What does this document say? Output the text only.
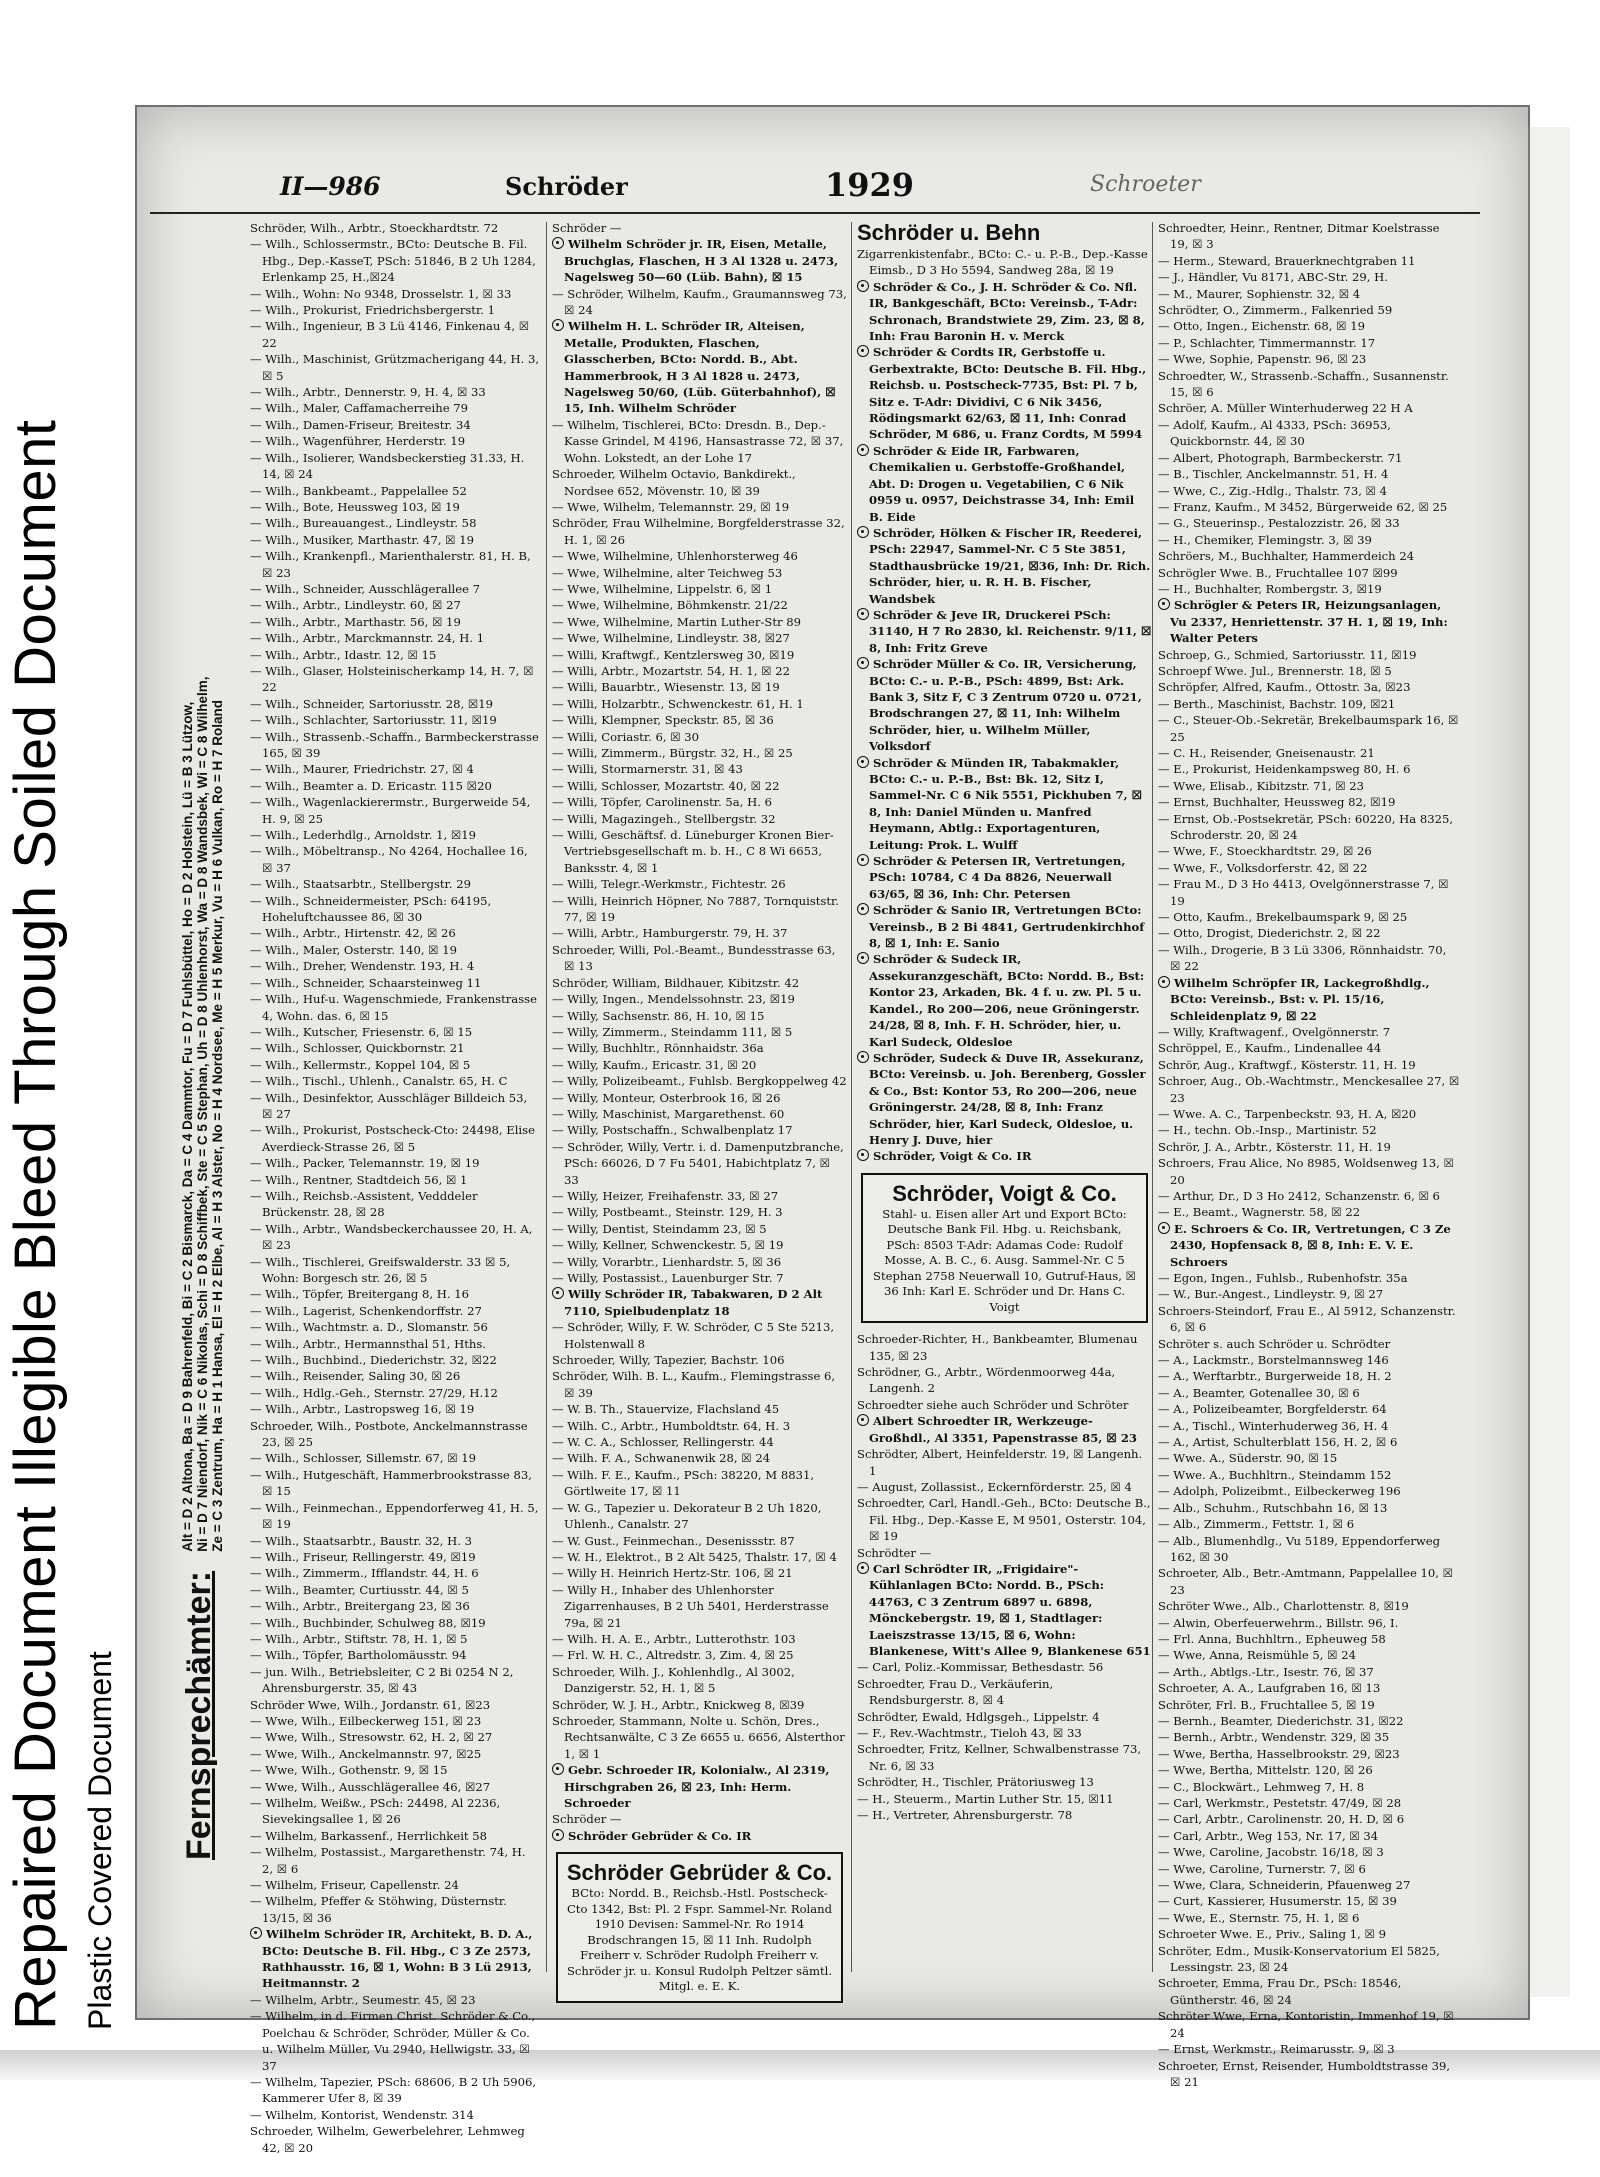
Repaired Document Illegible Bleed Through Soiled Document Plastic Covered Document
II—986	Schröder	1929	Schroeter
Fernsprechämter: Alt = D 2 Altona, Ba = D 9 Bahrenfeld, Bi = C 2 Bismarck, Da = C 4 Dammtor, Fu = D 7 Fuhlsbüttel, Ho = D 2 Holstein, Lü = B 3 Lützow,
Ni = D 7 Niendorf, Nik = C 6 Nikolas, Schi = D 8 Schiffbek, Ste = C 5 Stephan, Uh = D 8 Uhlenhorst, Wa = D 8 Wandsbek, Wi = C 8 Wilhelm,
Ze = C 3 Zentrum, Ha = H 1 Hansa, El = H 2 Elbe, Al = H 3 Alster, No = H 4 Nordsee, Me = H 5 Merkur, Vu = H 6 Vulkan, Ro = H 7 Roland
Schröder, Wilh., Arbtr., Stoeckhardtstr. 72
— Wilh., Schlossermstr., BCto: Deutsche B. Fil. Hbg., Dep.-KasseT, PSch: 51846, B 2 Uh 1284, Erlenkamp 25, H.,☒24
— Wilh., Wohn: No 9348, Drosselstr. 1, ☒ 33
— Wilh., Prokurist, Friedrichsbergerstr. 1
— Wilh., Ingenieur, B 3 Lü 4146, Finkenau 4, ☒ 22
— Wilh., Maschinist, Grützmacherigang 44, H. 3, ☒ 5
— Wilh., Arbtr., Dennerstr. 9, H. 4, ☒ 33
— Wilh., Maler, Caffamacherreihe 79
— Wilh., Damen-Friseur, Breitestr. 34
— Wilh., Wagenführer, Herderstr. 19
— Wilh., Isolierer, Wandsbeckerstieg 31.33, H. 14, ☒ 24
— Wilh., Bankbeamt., Pappelallee 52
— Wilh., Bote, Heussweg 103, ☒ 19
— Wilh., Bureauangest., Lindleystr. 58
— Wilh., Musiker, Marthastr. 47, ☒ 19
— Wilh., Krankenpfl., Marienthalerstr. 81, H. B, ☒ 23
— Wilh., Schneider, Ausschlägerallee 7
— Wilh., Arbtr., Lindleystr. 60, ☒ 27
— Wilh., Arbtr., Marthastr. 56, ☒ 19
— Wilh., Arbtr., Marckmannstr. 24, H. 1
— Wilh., Arbtr., Idastr. 12, ☒ 15
— Wilh., Glaser, Holsteinischerkamp 14, H. 7, ☒ 22
— Wilh., Schneider, Sartoriusstr. 28, ☒19
— Wilh., Schlachter, Sartoriusstr. 11, ☒19
— Wilh., Strassenb.-Schaffn., Barmbeckerstrasse 165, ☒ 39
— Wilh., Maurer, Friedrichstr. 27, ☒ 4
— Wilh., Beamter a. D. Ericastr. 115 ☒20
— Wilh., Wagenlackierermstr., Burgerweide 54, H. 9, ☒ 25
— Wilh., Lederhdlg., Arnoldstr. 1, ☒19
— Wilh., Möbeltransp., No 4264, Hochallee 16, ☒ 37
— Wilh., Staatsarbtr., Stellbergstr. 29
— Wilh., Schneidermeister, PSch: 64195, Hoheluftchaussee 86, ☒ 30
— Wilh., Arbtr., Hirtenstr. 42, ☒ 26
— Wilh., Maler, Osterstr. 140, ☒ 19
— Wilh., Dreher, Wendenstr. 193, H. 4
— Wilh., Schneider, Schaarsteinweg 11
— Wilh., Huf-u. Wagenschmiede, Frankenstrasse 4, Wohn. das. 6, ☒ 15
— Wilh., Kutscher, Friesenstr. 6, ☒ 15
— Wilh., Schlosser, Quickbornstr. 21
— Wilh., Kellermstr., Koppel 104, ☒ 5
— Wilh., Tischl., Uhlenh., Canalstr. 65, H. C
— Wilh., Desinfektor, Ausschläger Billdeich 53, ☒ 27
— Wilh., Prokurist, Postscheck-Cto: 24498, Elise Averdieck-Strasse 26, ☒ 5
— Wilh., Packer, Telemannstr. 19, ☒ 19
— Wilh., Rentner, Stadtdeich 56, ☒ 1
— Wilh., Reichsb.-Assistent, Vedddeler Brückenstr. 28, ☒ 28
— Wilh., Arbtr., Wandsbeckerchaussee 20, H. A, ☒ 23
— Wilh., Tischlerei, Greifswalderstr. 33 ☒ 5, Wohn: Borgesch str. 26, ☒ 5
— Wilh., Töpfer, Breitergang 8, H. 16
— Wilh., Lagerist, Schenkendorffstr. 27
— Wilh., Wachtmstr. a. D., Slomanstr. 56
— Wilh., Arbtr., Hermannsthal 51, Hths.
— Wilh., Buchbind., Diederichstr. 32, ☒22
— Wilh., Reisender, Saling 30, ☒ 26
— Wilh., Hdlg.-Geh., Sternstr. 27/29, H.12
— Wilh., Arbtr., Lastropsweg 16, ☒ 19
Schroeder, Wilh., Postbote, Anckelmannstrasse 23, ☒ 25
— Wilh., Schlosser, Sillemstr. 67, ☒ 19
— Wilh., Hutgeschäft, Hammerbrookstrasse 83, ☒ 15
— Wilh., Feinmechan., Eppendorferweg 41, H. 5, ☒ 19
— Wilh., Staatsarbtr., Baustr. 32, H. 3
— Wilh., Friseur, Rellingerstr. 49, ☒19
— Wilh., Zimmerm., Ifflandstr. 44, H. 6
— Wilh., Beamter, Curtiusstr. 44, ☒ 5
— Wilh., Arbtr., Breitergang 23, ☒ 36
— Wilh., Buchbinder, Schulweg 88, ☒19
— Wilh., Arbtr., Stiftstr. 78, H. 1, ☒ 5
— Wilh., Töpfer, Bartholomäusstr. 94
— jun. Wilh., Betriebsleiter, C 2 Bi 0254 N 2, Ahrensburgerstr. 35, ☒ 43
Schröder Wwe, Wilh., Jordanstr. 61, ☒23
— Wwe, Wilh., Eilbeckerweg 151, ☒ 23
— Wwe, Wilh., Stresowstr. 62, H. 2, ☒ 27
— Wwe, Wilh., Anckelmannstr. 97, ☒25
— Wwe, Wilh., Gothenstr. 9, ☒ 15
— Wwe, Wilh., Ausschlägerallee 46, ☒27
— Wilhelm, Weißw., PSch: 24498, Al 2236, Sievekingsallee 1, ☒ 26
— Wilhelm, Barkassenf., Herrlichkeit 58
— Wilhelm, Postassist., Margarethenstr. 74, H. 2, ☒ 6
— Wilhelm, Friseur, Capellenstr. 24
— Wilhelm, Pfeffer & Stöhwing, Düsternstr. 13/15, ☒ 36
Wilhelm Schröder IR, Architekt, B. D. A., BCto: Deutsche B. Fil. Hbg., C 3 Ze 2573, Rathhausstr. 16, ☒ 1, Wohn: B 3 Lü 2913, Heitmannstr. 2
— Wilhelm, Arbtr., Seumestr. 45, ☒ 23
— Wilhelm, in d. Firmen Christ. Schröder & Co., Poelchau & Schröder, Schröder, Müller & Co. u. Wilhelm Müller, Vu 2940, Hellwigstr. 33, ☒ 37
— Wilhelm, Tapezier, PSch: 68606, B 2 Uh 5906, Kammerer Ufer 8, ☒ 39
— Wilhelm, Kontorist, Wendenstr. 314
Schroeder, Wilhelm, Gewerbelehrer, Lehmweg 42, ☒ 20
Schröder —
Wilhelm Schröder jr. IR, Eisen, Metalle, Bruchglas, Flaschen, H 3 Al 1328 u. 2473, Nagelsweg 50—60 (Lüb. Bahn), ☒ 15
— Schröder, Wilhelm, Kaufm., Graumannsweg 73, ☒ 24
Wilhelm H. L. Schröder IR, Alteisen, Metalle, Produkten, Flaschen, Glasscherben, BCto: Nordd. B., Abt. Hammerbrook, H 3 Al 1828 u. 2473, Nagelsweg 50/60, (Lüb. Güterbahnhof), ☒ 15, Inh. Wilhelm Schröder
— Wilhelm, Tischlerei, BCto: Dresdn. B., Dep.-Kasse Grindel, M 4196, Hansastrasse 72, ☒ 37, Wohn. Lokstedt, an der Lohe 17
Schroeder, Wilhelm Octavio, Bankdirekt., Nordsee 652, Mövenstr. 10, ☒ 39
— Wwe, Wilhelm, Telemannstr. 29, ☒ 19
Schröder, Frau Wilhelmine, Borgfelderstrasse 32, H. 1, ☒ 26
— Wwe, Wilhelmine, Uhlenhorsterweg 46
— Wwe, Wilhelmine, alter Teichweg 53
— Wwe, Wilhelmine, Lippelstr. 6, ☒ 1
— Wwe, Wilhelmine, Böhmkenstr. 21/22
— Wwe, Wilhelmine, Martin Luther-Str 89
— Wwe, Wilhelmine, Lindleystr. 38, ☒27
— Willi, Kraftwgf., Kentzlersweg 30, ☒19
— Willi, Arbtr., Mozartstr. 54, H. 1, ☒ 22
— Willi, Bauarbtr., Wiesenstr. 13, ☒ 19
— Willi, Holzarbtr., Schwenckestr. 61, H. 1
— Willi, Klempner, Speckstr. 85, ☒ 36
— Willi, Coriastr. 6, ☒ 30
— Willi, Zimmerm., Bürgstr. 32, H., ☒ 25
— Willi, Stormarnerstr. 31, ☒ 43
— Willi, Schlosser, Mozartstr. 40, ☒ 22
— Willi, Töpfer, Carolinenstr. 5a, H. 6
— Willi, Magazingeh., Stellbergstr. 32
— Willi, Geschäftsf. d. Lüneburger Kronen Bier-Vertriebsgesellschaft m. b. H., C 8 Wi 6653, Banksstr. 4, ☒ 1
— Willi, Telegr.-Werkmstr., Fichtestr. 26
— Willi, Heinrich Höpner, No 7887, Tornquiststr. 77, ☒ 19
— Willi, Arbtr., Hamburgerstr. 79, H. 37
Schroeder, Willi, Pol.-Beamt., Bundesstrasse 63, ☒ 13
Schröder, William, Bildhauer, Kibitzstr. 42
— Willy, Ingen., Mendelssohnstr. 23, ☒19
— Willy, Sachsenstr. 86, H. 10, ☒ 15
— Willy, Zimmerm., Steindamm 111, ☒ 5
— Willy, Buchhltr., Rönnhaidstr. 36a
— Willy, Kaufm., Ericastr. 31, ☒ 20
— Willy, Polizeibeamt., Fuhlsb. Bergkoppelweg 42
— Willy, Monteur, Osterbrook 16, ☒ 26
— Willy, Maschinist, Margarethenst. 60
— Willy, Postschaffn., Schwalbenplatz 17
— Schröder, Willy, Vertr. i. d. Damenputzbranche, PSch: 66026, D 7 Fu 5401, Habichtplatz 7, ☒ 33
— Willy, Heizer, Freihafenstr. 33, ☒ 27
— Willy, Postbeamt., Steinstr. 129, H. 3
— Willy, Dentist, Steindamm 23, ☒ 5
— Willy, Kellner, Schwenckestr. 5, ☒ 19
— Willy, Vorarbtr., Lienhardstr. 5, ☒ 36
— Willy, Postassist., Lauenburger Str. 7
Willy Schröder IR, Tabakwaren, D 2 Alt 7110, Spielbudenplatz 18
— Schröder, Willy, F. W. Schröder, C 5 Ste 5213, Holstenwall 8
Schroeder, Willy, Tapezier, Bachstr. 106
Schröder, Wilh. B. L., Kaufm., Flemingstrasse 6, ☒ 39
— W. B. Th., Stauervize, Flachsland 45
— Wilh. C., Arbtr., Humboldtstr. 64, H. 3
— W. C. A., Schlosser, Rellingerstr. 44
— Wilh. F. A., Schwanenwik 28, ☒ 24
— Wilh. F. E., Kaufm., PSch: 38220, M 8831, Görtlweite 17, ☒ 11
— W. G., Tapezier u. Dekorateur B 2 Uh 1820, Uhlenh., Canalstr. 27
— W. Gust., Feinmechan., Desenissstr. 87
— W. H., Elektrot., B 2 Alt 5425, Thalstr. 17, ☒ 4
— Willy H. Heinrich Hertz-Str. 106, ☒ 21
— Willy H., Inhaber des Uhlenhorster Zigarrenhauses, B 2 Uh 5401, Herderstrasse 79a, ☒ 21
— Wilh. H. A. E., Arbtr., Lutterothstr. 103
— Frl. W. H. C., Altredstr. 3, Zim. 4, ☒ 25
Schroeder, Wilh. J., Kohlenhdlg., Al 3002, Danzigerstr. 52, H. 1, ☒ 5
Schröder, W. J. H., Arbtr., Knickweg 8, ☒39
Schroeder, Stammann, Nolte u. Schön, Dres., Rechtsanwälte, C 3 Ze 6655 u. 6656, Alsterthor 1, ☒ 1
Gebr. Schroeder IR, Kolonialw., Al 2319, Hirschgraben 26, ☒ 23, Inh: Herm. Schroeder
Schröder —
Schröder Gebrüder & Co. IR
Schröder Gebrüder & Co.
BCto: Nordd. B., Reichsb.-Hstl. Postscheck-Cto 1342, Bst: Pl. 2 Fspr. Sammel-Nr. Roland 1910 Devisen: Sammel-Nr. Ro 1914 Brodschrangen 15, ☒ 11 Inh. Rudolph Freiherr v. Schröder Rudolph Freiherr v. Schröder jr. u. Konsul Rudolph Peltzer sämtl. Mitgl. e. E. K.
Schröder u. Behn
Zigarrenkistenfabr., BCto: C.- u. P.-B., Dep.-Kasse Eimsb., D 3 Ho 5594, Sandweg 28a, ☒ 19
Schröder & Co., J. H. Schröder & Co. Nfl. IR, Bankgeschäft, BCto: Vereinsb., T-Adr: Schronach, Brandstwiete 29, Zim. 23, ☒ 8, Inh: Frau Baronin H. v. Merck
Schröder & Cordts IR, Gerbstoffe u. Gerbextrakte, BCto: Deutsche B. Fil. Hbg., Reichsb. u. Postscheck-7735, Bst: Pl. 7 b, Sitz e. T-Adr: Dividivi, C 6 Nik 3456, Rödingsmarkt 62/63, ☒ 11, Inh: Conrad Schröder, M 686, u. Franz Cordts, M 5994
Schröder & Eide IR, Farbwaren, Chemikalien u. Gerbstoffe-Großhandel, Abt. D: Drogen u. Vegetabilien, C 6 Nik 0959 u. 0957, Deichstrasse 34, Inh: Emil B. Eide
Schröder, Hölken & Fischer IR, Reederei, PSch: 22947, Sammel-Nr. C 5 Ste 3851, Stadthausbrücke 19/21, ☒36, Inh: Dr. Rich. Schröder, hier, u. R. H. B. Fischer, Wandsbek
Schröder & Jeve IR, Druckerei PSch: 31140, H 7 Ro 2830, kl. Reichenstr. 9/11, ☒ 8, Inh: Fritz Greve
Schröder Müller & Co. IR, Versicherung, BCto: C.- u. P.-B., PSch: 4899, Bst: Ark. Bank 3, Sitz F, C 3 Zentrum 0720 u. 0721, Brodschrangen 27, ☒ 11, Inh: Wilhelm Schröder, hier, u. Wilhelm Müller, Volksdorf
Schröder & Münden IR, Tabakmakler, BCto: C.- u. P.-B., Bst: Bk. 12, Sitz I, Sammel-Nr. C 6 Nik 5551, Pickhuben 7, ☒ 8, Inh: Daniel Münden u. Manfred Heymann, Abtlg.: Exportagenturen, Leitung: Prok. L. Wulff
Schröder & Petersen IR, Vertretungen, PSch: 10784, C 4 Da 8826, Neuerwall 63/65, ☒ 36, Inh: Chr. Petersen
Schröder & Sanio IR, Vertretungen BCto: Vereinsb., B 2 Bi 4841, Gertrudenkirchhof 8, ☒ 1, Inh: E. Sanio
Schröder & Sudeck IR, Assekuranzgeschäft, BCto: Nordd. B., Bst: Kontor 23, Arkaden, Bk. 4 f. u. zw. Pl. 5 u. Kandel., Ro 200—206, neue Gröningerstr. 24/28, ☒ 8, Inh. F. H. Schröder, hier, u. Karl Sudeck, Oldesloe
Schröder, Sudeck & Duve IR, Assekuranz, BCto: Vereinsb. u. Joh. Berenberg, Gossler & Co., Bst: Kontor 53, Ro 200—206, neue Gröningerstr. 24/28, ☒ 8, Inh: Franz Schröder, hier, Karl Sudeck, Oldesloe, u. Henry J. Duve, hier
Schröder, Voigt & Co. IR
Schröder, Voigt & Co.
Stahl- u. Eisen aller Art und Export BCto: Deutsche Bank Fil. Hbg. u. Reichsbank, PSch: 8503 T-Adr: Adamas Code: Rudolf Mosse, A. B. C., 6. Ausg. Sammel-Nr. C 5 Stephan 2758 Neuerwall 10, Gutruf-Haus, ☒ 36 Inh: Karl E. Schröder und Dr. Hans C. Voigt
Schroeder-Richter, H., Bankbeamter, Blumenau 135, ☒ 23
Schrödner, G., Arbtr., Wördenmoorweg 44a, Langenh. 2
Schroedter siehe auch Schröder und Schröter
Albert Schroedter IR, Werkzeuge-Großhdl., Al 3351, Papenstrasse 85, ☒ 23
Schrödter, Albert, Heinfelderstr. 19, ☒ Langenh. 1
— August, Zollassist., Eckernförderstr. 25, ☒ 4
Schroedter, Carl, Handl.-Geh., BCto: Deutsche B., Fil. Hbg., Dep.-Kasse E, M 9501, Osterstr. 104, ☒ 19
Schrödter —
Carl Schrödter IR, „Frigidaire"-Kühlanlagen BCto: Nordd. B., PSch: 44763, C 3 Zentrum 6897 u. 6898, Mönckebergstr. 19, ☒ 1, Stadtlager: Laeiszstrasse 13/15, ☒ 6, Wohn: Blankenese, Witt's Allee 9, Blankenese 651
— Carl, Poliz.-Kommissar, Bethesdastr. 56
Schroedter, Frau D., Verkäuferin, Rendsburgerstr. 8, ☒ 4
Schrödter, Ewald, Hdlgsgeh., Lippelstr. 4
— F., Rev.-Wachtmstr., Tieloh 43, ☒ 33
Schroedter, Fritz, Kellner, Schwalbenstrasse 73, Nr. 6, ☒ 33
Schrödter, H., Tischler, Prätoriusweg 13
— H., Steuerm., Martin Luther Str. 15, ☒11
— H., Vertreter, Ahrensburgerstr. 78
Schroedter, Heinr., Rentner, Ditmar Koelstrasse 19, ☒ 3
— Herm., Steward, Brauerknechtgraben 11
— J., Händler, Vu 8171, ABC-Str. 29, H.
— M., Maurer, Sophienstr. 32, ☒ 4
Schrödter, O., Zimmerm., Falkenried 59
— Otto, Ingen., Eichenstr. 68, ☒ 19
— P., Schlachter, Timmermannstr. 17
— Wwe, Sophie, Papenstr. 96, ☒ 23
Schroedter, W., Strassenb.-Schaffn., Susannenstr. 15, ☒ 6
Schröer, A. Müller Winterhuderweg 22 H A
— Adolf, Kaufm., Al 4333, PSch: 36953, Quickbornstr. 44, ☒ 30
— Albert, Photograph, Barmbeckerstr. 71
— B., Tischler, Anckelmannstr. 51, H. 4
— Wwe, C., Zig.-Hdlg., Thalstr. 73, ☒ 4
— Franz, Kaufm., M 3452, Bürgerweide 62, ☒ 25
— G., Steuerinsp., Pestalozzistr. 26, ☒ 33
— H., Chemiker, Flemingstr. 3, ☒ 39
Schröers, M., Buchhalter, Hammerdeich 24
Schrögler Wwe. B., Fruchtallee 107 ☒99
— H., Buchhalter, Rombergstr. 3, ☒19
Schrögler & Peters IR, Heizungsanlagen, Vu 2337, Henriettenstr. 37 H. 1, ☒ 19, Inh: Walter Peters
Schroep, G., Schmied, Sartoriusstr. 11, ☒19
Schroepf Wwe. Jul., Brennerstr. 18, ☒ 5
Schröpfer, Alfred, Kaufm., Ottostr. 3a, ☒23
— Berth., Maschinist, Bachstr. 109, ☒21
— C., Steuer-Ob.-Sekretär, Brekelbaumspark 16, ☒ 25
— C. H., Reisender, Gneisenaustr. 21
— E., Prokurist, Heidenkampsweg 80, H. 6
— Wwe, Elisab., Kibitzstr. 71, ☒ 23
— Ernst, Buchhalter, Heussweg 82, ☒19
— Ernst, Ob.-Postsekretär, PSch: 60220, Ha 8325, Schroderstr. 20, ☒ 24
— Wwe, F., Stoeckhardtstr. 29, ☒ 26
— Wwe, F., Volksdorferstr. 42, ☒ 22
— Frau M., D 3 Ho 4413, Ovelgönnerstrasse 7, ☒ 19
— Otto, Kaufm., Brekelbaumspark 9, ☒ 25
— Otto, Drogist, Diederichstr. 2, ☒ 22
— Wilh., Drogerie, B 3 Lü 3306, Rönnhaidstr. 70, ☒ 22
Wilhelm Schröpfer IR, Lackegroßhdlg., BCto: Vereinsb., Bst: v. Pl. 15/16, Schleidenplatz 9, ☒ 22
— Willy, Kraftwagenf., Ovelgönnerstr. 7
Schröppel, E., Kaufm., Lindenallee 44
Schrör, Aug., Kraftwgf., Kösterstr. 11, H. 19
Schroer, Aug., Ob.-Wachtmstr., Menckesallee 27, ☒ 23
— Wwe. A. C., Tarpenbeckstr. 93, H. A, ☒20
— H., techn. Ob.-Insp., Martinistr. 52
Schrör, J. A., Arbtr., Kösterstr. 11, H. 19
Schroers, Frau Alice, No 8985, Woldsenweg 13, ☒ 20
— Arthur, Dr., D 3 Ho 2412, Schanzenstr. 6, ☒ 6
— E., Beamt., Wagnerstr. 58, ☒ 22
E. Schroers & Co. IR, Vertretungen, C 3 Ze 2430, Hopfensack 8, ☒ 8, Inh: E. V. E. Schroers
— Egon, Ingen., Fuhlsb., Rubenhofstr. 35a
— W., Bur.-Angest., Lindleystr. 9, ☒ 27
Schroers-Steindorf, Frau E., Al 5912, Schanzenstr. 6, ☒ 6
Schröter s. auch Schröder u. Schrödter
— A., Lackmstr., Borstelmannsweg 146
— A., Werftarbtr., Burgerweide 18, H. 2
— A., Beamter, Gotenallee 30, ☒ 6
— A., Polizeibeamter, Borgfelderstr. 64
— A., Tischl., Winterhuderweg 36, H. 4
— A., Artist, Schulterblatt 156, H. 2, ☒ 6
— Wwe. A., Süderstr. 90, ☒ 15
— Wwe. A., Buchhltrn., Steindamm 152
— Adolph, Polizeibmt., Eilbeckerweg 196
— Alb., Schuhm., Rutschbahn 16, ☒ 13
— Alb., Zimmerm., Fettstr. 1, ☒ 6
— Alb., Blumenhdlg., Vu 5189, Eppendorferweg 162, ☒ 30
Schroeter, Alb., Betr.-Amtmann, Pappelallee 10, ☒ 23
Schröter Wwe., Alb., Charlottenstr. 8, ☒19
— Alwin, Oberfeuerwehrm., Billstr. 96, I.
— Frl. Anna, Buchhltrn., Epheuweg 58
— Wwe, Anna, Reismühle 5, ☒ 24
— Arth., Abtlgs.-Ltr., Isestr. 76, ☒ 37
Schroeter, A. A., Laufgraben 16, ☒ 13
Schröter, Frl. B., Fruchtallee 5, ☒ 19
— Bernh., Beamter, Diederichstr. 31, ☒22
— Bernh., Arbtr., Wendenstr. 329, ☒ 35
— Wwe, Bertha, Hasselbrookstr. 29, ☒23
— Wwe, Bertha, Mittelstr. 120, ☒ 26
— C., Blockwärt., Lehmweg 7, H. 8
— Carl, Werkmstr., Pestetstr. 47/49, ☒ 28
— Carl, Arbtr., Carolinenstr. 20, H. D, ☒ 6
— Carl, Arbtr., Weg 153, Nr. 17, ☒ 34
— Wwe, Caroline, Jacobstr. 16/18, ☒ 3
— Wwe, Caroline, Turnerstr. 7, ☒ 6
— Wwe, Clara, Schneiderin, Pfauenweg 27
— Curt, Kassierer, Husumerstr. 15, ☒ 39
— Wwe, E., Sternstr. 75, H. 1, ☒ 6
Schroeter Wwe. E., Priv., Saling 1, ☒ 9
Schröter, Edm., Musik-Konservatorium El 5825, Lessingstr. 23, ☒ 24
Schroeter, Emma, Frau Dr., PSch: 18546, Güntherstr. 46, ☒ 24
Schröter Wwe, Erna, Kontoristin, Immenhof 19, ☒ 24
— Ernst, Werkmstr., Reimarusstr. 9, ☒ 3
Schroeter, Ernst, Reisender, Humboldtstrasse 39, ☒ 21
